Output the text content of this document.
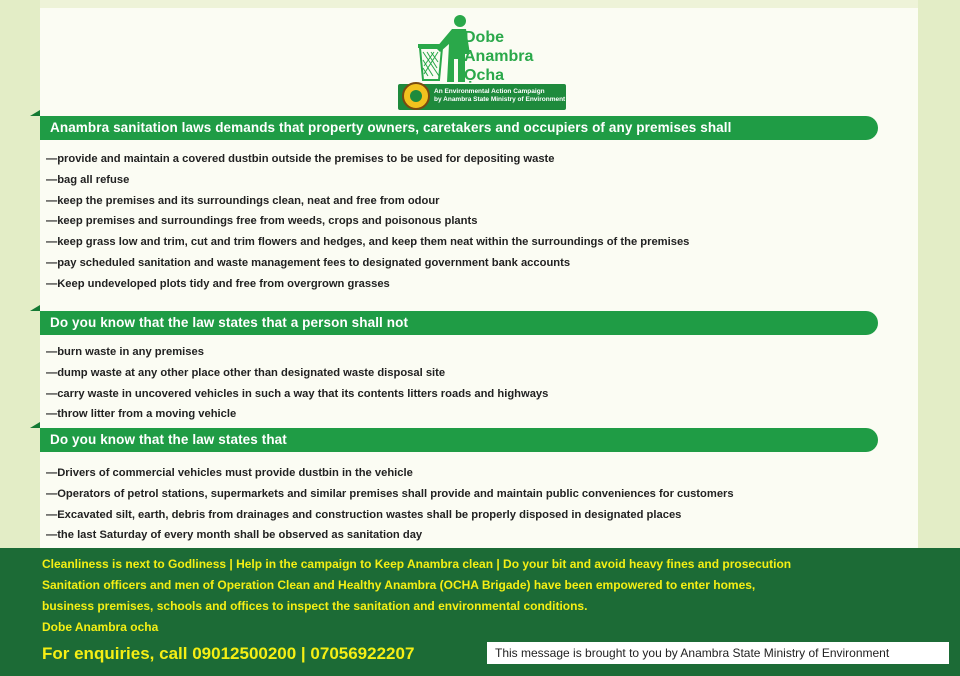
Dobe
Anambra
Ọcha
An Environmental Action Campaign
by Anambra State Ministry of Environment
Anambra sanitation laws demands that property owners, caretakers and occupiers of any premises shall
—provide and maintain a covered dustbin outside the premises to be used for depositing waste
—bag all refuse
—keep the premises and its surroundings clean, neat and free from odour
—keep premises and surroundings free from weeds, crops and poisonous plants
—keep grass low and trim, cut and trim flowers and hedges, and keep them neat within the surroundings of the premises
—pay scheduled sanitation and waste management fees to designated government bank accounts
—Keep undeveloped plots tidy and free from overgrown grasses
Do you know that the law states that a person shall not
—burn waste in any premises
—dump waste at any other place other than designated waste disposal site
—carry waste in uncovered vehicles in such a way that its contents litters roads and highways
—throw litter from a moving vehicle
Do you know that the law states that
—Drivers of commercial vehicles must provide dustbin in the vehicle
—Operators of petrol stations, supermarkets and similar premises shall provide and maintain public conveniences for customers
—Excavated silt, earth, debris from drainages and construction wastes shall be properly disposed in designated places
—the last Saturday of every month shall be observed as sanitation day
Cleanliness is next to Godliness | Help in the campaign to Keep Anambra clean | Do your bit and avoid heavy fines and prosecution
Sanitation officers and men of Operation Clean and Healthy Anambra (OCHA Brigade) have been empowered to enter homes,
business premises, schools and offices to inspect the sanitation and environmental conditions.
Dobe Anambra ocha
For enquiries, call 09012500200 | 07056922207	This message is brought to you by Anambra State Ministry of Environment
